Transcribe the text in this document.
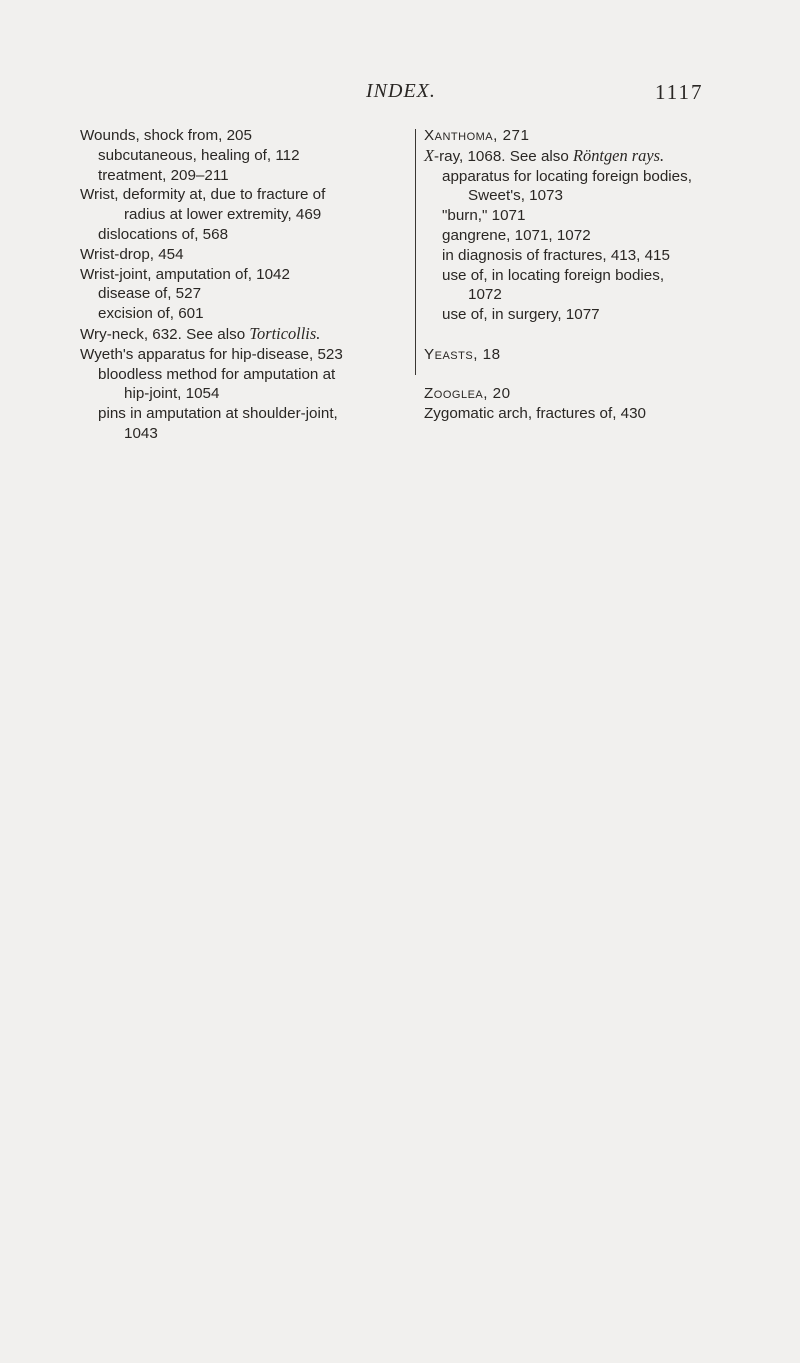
INDEX.	1117
Wounds, shock from, 205
subcutaneous, healing of, 112
treatment, 209–211
Wrist, deformity at, due to fracture of
radius at lower extremity, 469
dislocations of, 568
Wrist-drop, 454
Wrist-joint, amputation of, 1042
disease of, 527
excision of, 601
Wry-neck, 632. See also Torticollis.
Wyeth's apparatus for hip-disease, 523
bloodless method for amputation at
hip-joint, 1054
pins in amputation at shoulder-joint,
1043
Xanthoma, 271
X-ray, 1068. See also Röntgen rays.
apparatus for locating foreign bodies,
Sweet's, 1073
"burn," 1071
gangrene, 1071, 1072
in diagnosis of fractures, 413, 415
use of, in locating foreign bodies,
1072
use of, in surgery, 1077
Yeasts, 18
Zooglea, 20
Zygomatic arch, fractures of, 430
